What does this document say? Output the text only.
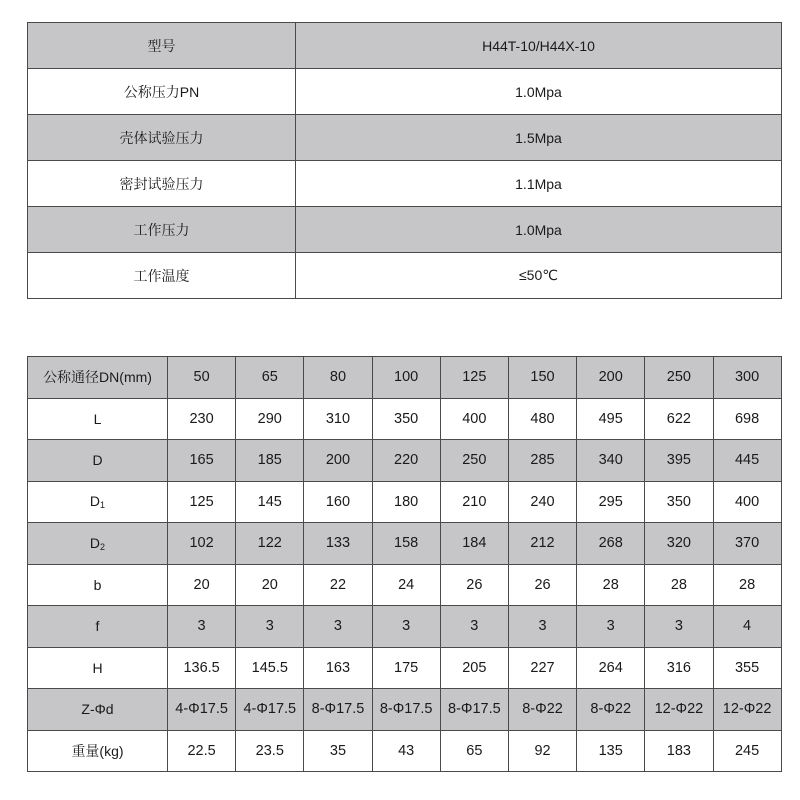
型号	H44T-10/H44X-10
公称压力PN	1.0Mpa
壳体试验压力	1.5Mpa
密封试验压力	1.1Mpa
工作压力	1.0Mpa
工作温度	≤50℃
公称通径DN(mm)	50	65	80	100	125	150	200	250	300
L	230	290	310	350	400	480	495	622	698
D	165	185	200	220	250	285	340	395	445
$D_1$	125	145	160	180	210	240	295	350	400
$D_2$	102	122	133	158	184	212	268	320	370
b	20	20	22	24	26	26	28	28	28
f	3	3	3	3	3	3	3	3	4
H	136.5	145.5	163	175	205	227	264	316	355
Z-Φd	4-Φ17.5	4-Φ17.5	8-Φ17.5	8-Φ17.5	8-Φ17.5	8-Φ22	8-Φ22	12-Φ22	12-Φ22
重量(kg)	22.5	23.5	35	43	65	92	135	183	245
